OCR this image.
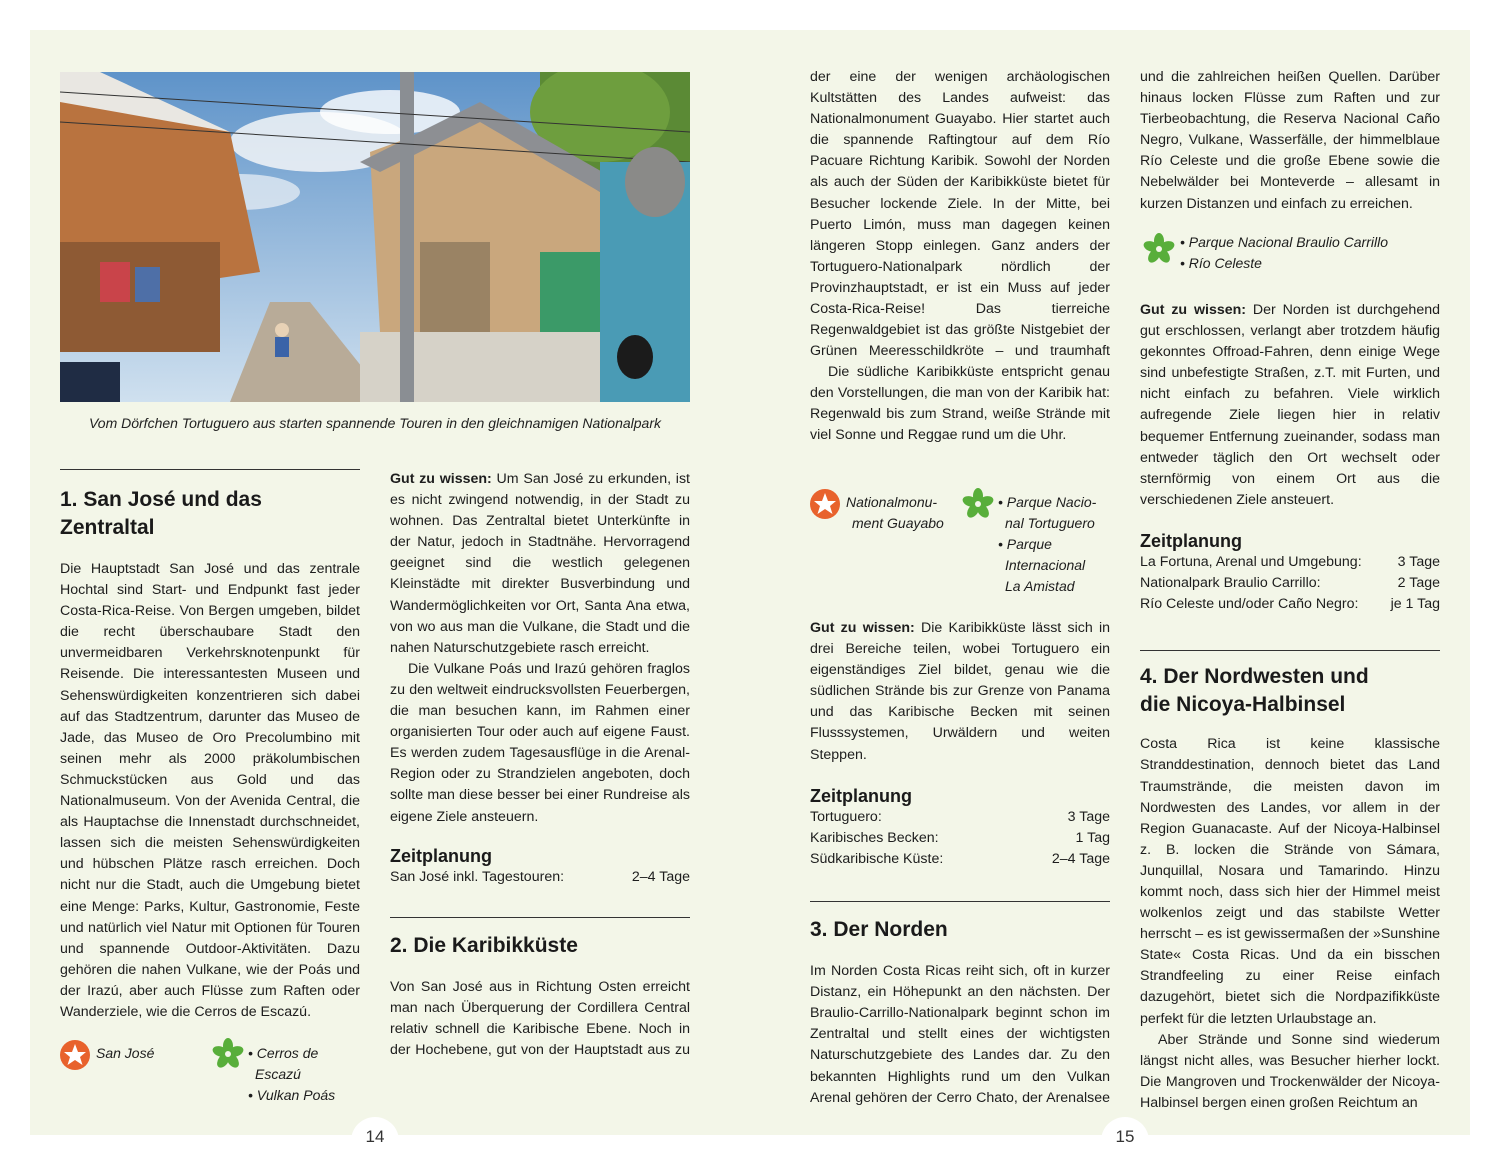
Vom Dörfchen Tortuguero aus starten spannende Touren in den gleichnamigen Nationalpark
1. San José und das Zentraltal

Die Hauptstadt San José und das zentrale Hochtal sind Start- und Endpunkt fast jeder Costa-Rica-Reise. Von Bergen umgeben, bildet die recht überschaubare Stadt den unvermeidbaren Verkehrsknotenpunkt für Reisende. Die interessantesten Museen und Sehenswürdigkeiten konzentrieren sich dabei auf das Stadtzentrum, darunter das Museo de Jade, das Museo de Oro Precolumbino mit seinen mehr als 2000 präkolumbischen Schmuckstücken aus Gold und das Nationalmuseum. Von der Avenida Central, die als Hauptachse die Innenstadt durchschneidet, lassen sich die meisten Sehenswürdigkeiten und hübschen Plätze rasch erreichen. Doch nicht nur die Stadt, auch die Umgebung bietet eine Menge: Parks, Kultur, Gastronomie, Feste und natürlich viel Natur mit Optionen für Touren und spannende Outdoor-Aktivitäten. Dazu gehören die nahen Vulkane, wie der Poás und der Irazú, aber auch Flüsse zum Raften oder Wanderziele, wie die Cerros de Escazú.

San José	• Cerros de
Escazú
• Vulkan Poás

Gut zu wissen: Um San José zu erkunden, ist es nicht zwingend notwendig, in der Stadt zu wohnen. Das Zentraltal bietet Unterkünfte in der Natur, jedoch in Stadtnähe. Hervorragend geeignet sind die westlich gelegenen Kleinstädte mit direkter Busverbindung und Wandermöglichkeiten vor Ort, Santa Ana etwa, von wo aus man die Vulkane, die Stadt und die nahen Naturschutzgebiete rasch erreicht.

Die Vulkane Poás und Irazú gehören fraglos zu den weltweit eindrucksvollsten Feuerbergen, die man besuchen kann, im Rahmen einer organisierten Tour oder auch auf eigene Faust. Es werden zudem Tagesausflüge in die Arenal-Region oder zu Strandzielen angeboten, doch sollte man diese besser bei einer Rundreise als eigene Ziele ansteuern.

Zeitplanung
San José inkl. Tagestouren:	2–4 Tage
2. Die Karibikküste

Von San José aus in Richtung Osten erreicht man nach Überquerung der Cordillera Central relativ schnell die Karibische Ebene. Noch in der Hochebene, gut von der Hauptstadt aus zu

14

der eine der wenigen archäologischen Kultstätten des Landes aufweist: das Nationalmonument Guayabo. Hier startet auch die spannende Raftingtour auf dem Río Pacuare Richtung Karibik. Sowohl der Norden als auch der Süden der Karibikküste bietet für Besucher lockende Ziele. In der Mitte, bei Puerto Limón, muss man dagegen keinen längeren Stopp einlegen. Ganz anders der Tortuguero-Nationalpark nördlich der Provinzhauptstadt, er ist ein Muss auf jeder Costa-Rica-Reise! Das tierreiche Regenwaldgebiet ist das größte Nistgebiet der Grünen Meeresschildkröte – und traumhaft

Die südliche Karibikküste entspricht genau den Vorstellungen, die man von der Karibik hat: Regenwald bis zum Strand, weiße Strände mit viel Sonne und Reggae rund um die Uhr.

Nationalmonu-
ment Guayabo
• Parque Nacio-
nal Tortuguero
• Parque
Internacional
La Amistad

Gut zu wissen: Die Karibikküste lässt sich in drei Bereiche teilen, wobei Tortuguero ein eigenständiges Ziel bildet, genau wie die südlichen Strände bis zur Grenze von Panama und das Karibische Becken mit seinen Flusssystemen, Urwäldern und weiten Steppen.

Zeitplanung
Tortuguero:	3 Tage
Karibisches Becken:	1 Tag
Südkaribische Küste:	2–4 Tage
3. Der Norden

Im Norden Costa Ricas reiht sich, oft in kurzer Distanz, ein Höhepunkt an den nächsten. Der Braulio-Carrillo-Nationalpark beginnt schon im Zentraltal und stellt eines der wichtigsten Naturschutzgebiete des Landes dar. Zu den bekannten Highlights rund um den Vulkan Arenal gehören der Cerro Chato, der Arenalsee

15

und die zahlreichen heißen Quellen. Darüber hinaus locken Flüsse zum Raften und zur Tierbeobachtung, die Reserva Nacional Caño Negro, Vulkane, Wasserfälle, der himmelblaue Río Celeste und die große Ebene sowie die Nebelwälder bei Monteverde – allesamt in kurzen Distanzen und einfach zu erreichen.

• Parque Nacional Braulio Carrillo
• Río Celeste

Gut zu wissen: Der Norden ist durchgehend gut erschlossen, verlangt aber trotzdem häufig gekonntes Offroad-Fahren, denn einige Wege sind unbefestigte Straßen, z.T. mit Furten, und nicht einfach zu befahren. Viele wirklich aufregende Ziele liegen hier in relativ bequemer Entfernung zueinander, sodass man entweder täglich den Ort wechselt oder sternförmig von einem Ort aus die verschiedenen Ziele ansteuert.

Zeitplanung
La Fortuna, Arenal und Umgebung:	3 Tage
Nationalpark Braulio Carrillo:	2 Tage
Río Celeste und/oder Caño Negro: je 1 Tag
4. Der Nordwesten und
die Nicoya-Halbinsel

Costa Rica ist keine klassische Stranddestination, dennoch bietet das Land Traumstrände, die meisten davon im Nordwesten des Landes, vor allem in der Region Guanacaste. Auf der Nicoya-Halbinsel z. B. locken die Strände von Sámara, Junquillal, Nosara und Tamarindo. Hinzu kommt noch, dass sich hier der Himmel meist wolkenlos zeigt und das stabilste Wetter herrscht – es ist gewissermaßen der »Sunshine State« Costa Ricas. Und da ein bisschen Strandfeeling zu einer Reise einfach dazugehört, bietet sich die Nordpazifikküste perfekt für die letzten Urlaubstage an.

Aber Strände und Sonne sind wiederum längst nicht alles, was Besucher hierher lockt. Die Mangroven und Trockenwälder der Nicoya-Halbinsel bergen einen großen Reichtum an
